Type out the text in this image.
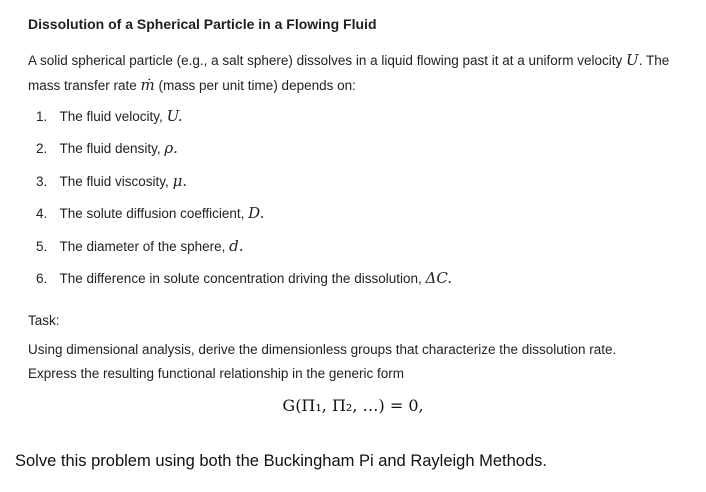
Dissolution of a Spherical Particle in a Flowing Fluid
A solid spherical particle (e.g., a salt sphere) dissolves in a liquid flowing past it at a uniform velocity U. The mass transfer rate ṁ (mass per unit time) depends on:
1. The fluid velocity, U.
2. The fluid density, ρ.
3. The fluid viscosity, μ.
4. The solute diffusion coefficient, D.
5. The diameter of the sphere, d.
6. The difference in solute concentration driving the dissolution, ΔC.
Task:
Using dimensional analysis, derive the dimensionless groups that characterize the dissolution rate.
Express the resulting functional relationship in the generic form
G(Π₁, Π₂, …) = 0,
Solve this problem using both the Buckingham Pi and Rayleigh Methods.
